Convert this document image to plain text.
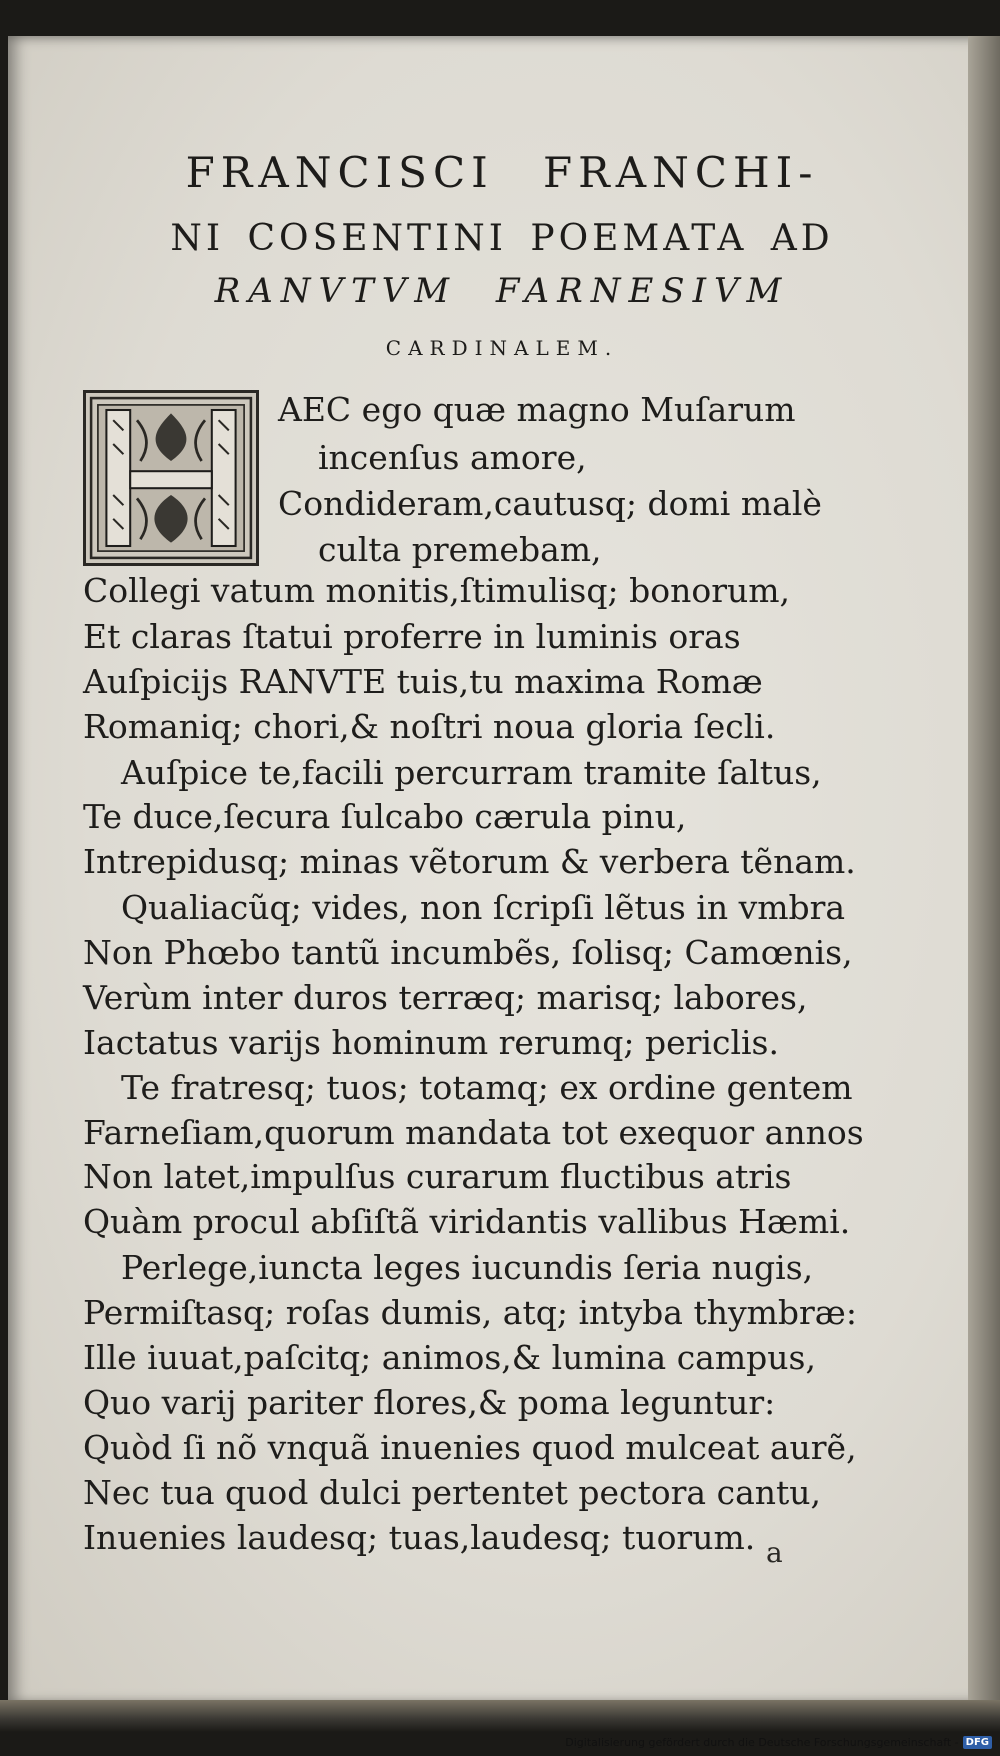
FRANCISCI FRANCHI-
NI COSENTINI POEMATA AD
RANVTVM FARNESIVM
CARDINALEM.
AEC ego quæ magno Muſarum
incenſus amore,
Condideram,cautusq; domi malè
culta premebam,
Collegi vatum monitis,ſtimulisq; bonorum,
Et claras ſtatui proferre in luminis oras
Auſpicijs RANVTE tuis,tu maxima Romæ
Romaniq; chori,& noſtri noua gloria ſecli.
Auſpice te,facili percurram tramite ſaltus,
Te duce,ſecura ſulcabo cærula pinu,
Intrepidusq; minas vẽtorum & verbera tẽnam.
Qualiacũq; vides, non ſcripſi lẽtus in vmbra
Non Phœbo tantũ incumbẽs, ſolisq; Camœnis,
Verùm inter duros terræq; marisq; labores,
Iactatus varijs hominum rerumq; periclis.
Te fratresq; tuos; totamq; ex ordine gentem
Farneſiam,quorum mandata tot exequor annos
Non latet,impulſus curarum fluctibus atris
Quàm procul abſiſtã viridantis vallibus Hæmi.
Perlege,iuncta leges iucundis ſeria nugis,
Permiſtasq; roſas dumis, atq; intyba thymbræ:
Ille iuuat,paſcitq; animos,& lumina campus,
Quo varij pariter flores,& poma leguntur:
Quòd ſi nõ vnquã inuenies quod mulceat aurẽ,
Nec tua quod dulci pertentet pectora cantu,
Inuenies laudesq; tuas,laudesq; tuorum. a
Digitalisierung gefördert durch die Deutsche Forschungsgemeinschaft - DFG
